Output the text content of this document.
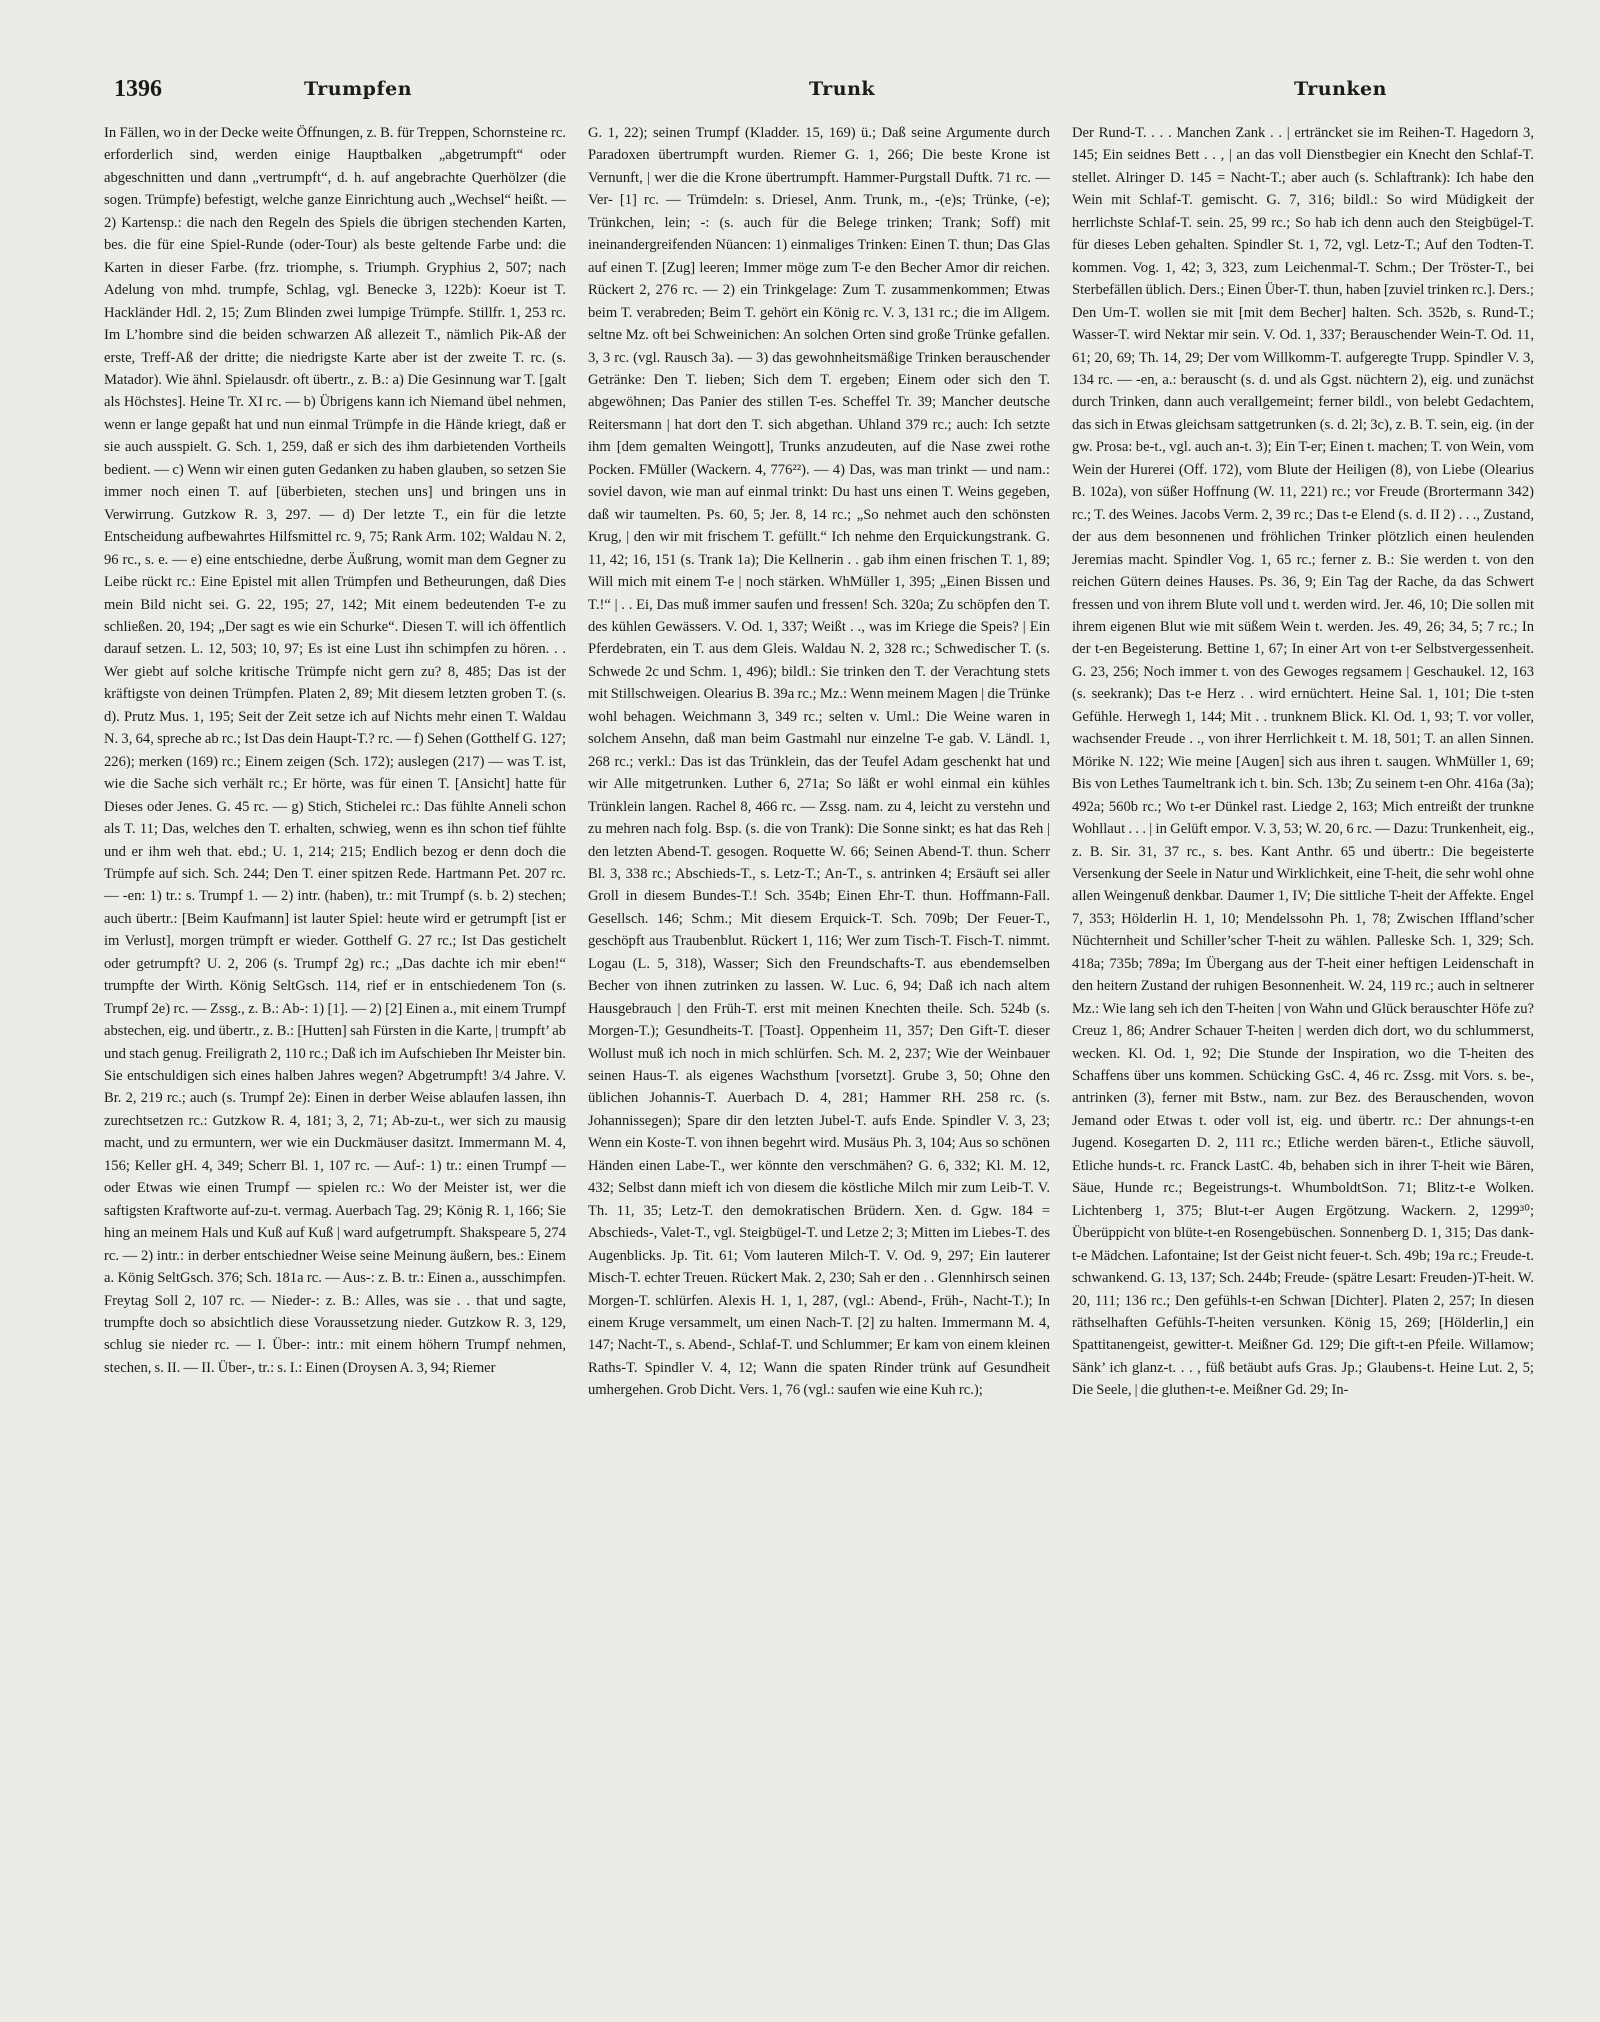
1396	Trumpfen	Trunk	Trunken

In Fällen, wo in der Decke weite Öffnungen, z. B. für Treppen, Schornsteine rc. erforderlich sind, werden einige Hauptbalken „abgetrumpft“ oder abgeschnitten und dann „vertrumpft“, d. h. auf angebrachte Querhölzer (die sogen. Trümpfe) befestigt, welche ganze Einrichtung auch „Wechsel“ heißt. — 2) Kartensp.: die nach den Regeln des Spiels die übrigen stechenden Karten, bes. die für eine Spiel-Runde (oder-Tour) als beste geltende Farbe und: die Karten in dieser Farbe. (frz. triomphe, s. Triumph. Gryphius 2, 507; nach Adelung von mhd. trumpfe, Schlag, vgl. Benecke 3, 122b): Koeur ist T. Hackländer Hdl. 2, 15; Zum Blinden zwei lumpige Trümpfe. Stillfr. 1, 253 rc. Im L’hombre sind die beiden schwarzen Aß allezeit T., nämlich Pik-Aß der erste, Treff-Aß der dritte; die niedrigste Karte aber ist der zweite T. rc. (s. Matador). Wie ähnl. Spielausdr. oft übertr., z. B.: a) Die Gesinnung war T. [galt als Höchstes]. Heine Tr. XI rc. — b) Übrigens kann ich Niemand übel nehmen, wenn er lange gepaßt hat und nun einmal Trümpfe in die Hände kriegt, daß er sie auch ausspielt. G. Sch. 1, 259, daß er sich des ihm darbietenden Vortheils bedient. — c) Wenn wir einen guten Gedanken zu haben glauben, so setzen Sie immer noch einen T. auf [überbieten, stechen uns] und bringen uns in Verwirrung. Gutzkow R. 3, 297. — d) Der letzte T., ein für die letzte Entscheidung aufbewahrtes Hilfsmittel rc. 9, 75; Rank Arm. 102; Waldau N. 2, 96 rc., s. e. — e) eine entschiedne, derbe Äußrung, womit man dem Gegner zu Leibe rückt rc.: Eine Epistel mit allen Trümpfen und Betheurungen, daß Dies mein Bild nicht sei. G. 22, 195; 27, 142; Mit einem bedeutenden T-e zu schließen. 20, 194; „Der sagt es wie ein Schurke“. Diesen T. will ich öffentlich darauf setzen. L. 12, 503; 10, 97; Es ist eine Lust ihn schimpfen zu hören. . . Wer giebt auf solche kritische Trümpfe nicht gern zu? 8, 485; Das ist der kräftigste von deinen Trümpfen. Platen 2, 89; Mit diesem letzten groben T. (s. d). Prutz Mus. 1, 195; Seit der Zeit setze ich auf Nichts mehr einen T. Waldau N. 3, 64, spreche ab rc.; Ist Das dein Haupt-T.? rc. — f) Sehen (Gotthelf G. 127; 226); merken (169) rc.; Einem zeigen (Sch. 172); auslegen (217) — was T. ist, wie die Sache sich verhält rc.; Er hörte, was für einen T. [Ansicht] hatte für Dieses oder Jenes. G. 45 rc. — g) Stich, Stichelei rc.: Das fühlte Anneli schon als T. 11; Das, welches den T. erhalten, schwieg, wenn es ihn schon tief fühlte und er ihm weh that. ebd.; U. 1, 214; 215; Endlich bezog er denn doch die Trümpfe auf sich. Sch. 244; Den T. einer spitzen Rede. Hartmann Pet. 207 rc. — -en: 1) tr.: s. Trumpf 1. — 2) intr. (haben), tr.: mit Trumpf (s. b. 2) stechen; auch übertr.: [Beim Kaufmann] ist lauter Spiel: heute wird er getrumpft [ist er im Verlust], morgen trümpft er wieder. Gotthelf G. 27 rc.; Ist Das gestichelt oder getrumpft? U. 2, 206 (s. Trumpf 2g) rc.; „Das dachte ich mir eben!“ trumpfte der Wirth. König SeltGsch. 114, rief er in entschiedenem Ton (s. Trumpf 2e) rc. — Zssg., z. B.: Ab-: 1) [1]. — 2) [2] Einen a., mit einem Trumpf abstechen, eig. und übertr., z. B.: [Hutten] sah Fürsten in die Karte, | trumpft’ ab und stach genug. Freiligrath 2, 110 rc.; Daß ich im Aufschieben Ihr Meister bin. Sie entschuldigen sich eines halben Jahres wegen? Abgetrumpft! 3/4 Jahre. V. Br. 2, 219 rc.; auch (s. Trumpf 2e): Einen in derber Weise ablaufen lassen, ihn zurechtsetzen rc.: Gutzkow R. 4, 181; 3, 2, 71; Ab-zu-t., wer sich zu mausig macht, und zu ermuntern, wer wie ein Duckmäuser dasitzt. Immermann M. 4, 156; Keller gH. 4, 349; Scherr Bl. 1, 107 rc. — Auf-: 1) tr.: einen Trumpf — oder Etwas wie einen Trumpf — spielen rc.: Wo der Meister ist, wer die saftigsten Kraftworte auf-zu-t. vermag. Auerbach Tag. 29; König R. 1, 166; Sie hing an meinem Hals und Kuß auf Kuß | ward aufgetrumpft. Shakspeare 5, 274 rc. — 2) intr.: in derber entschiedner Weise seine Meinung äußern, bes.: Einem a. König SeltGsch. 376; Sch. 181a rc. — Aus-: z. B. tr.: Einen a., ausschimpfen. Freytag Soll 2, 107 rc. — Nieder-: z. B.: Alles, was sie . . that und sagte, trumpfte doch so absichtlich diese Voraussetzung nieder. Gutzkow R. 3, 129, schlug sie nieder rc. — I. Über-: intr.: mit einem höhern Trumpf nehmen, stechen, s. II. — II. Über-, tr.: s. I.: Einen (Droysen A. 3, 94; Riemer

G. 1, 22); seinen Trumpf (Kladder. 15, 169) ü.; Daß seine Argumente durch Paradoxen übertrumpft wurden. Riemer G. 1, 266; Die beste Krone ist Vernunft, | wer die die Krone übertrumpft. Hammer-Purgstall Duftk. 71 rc. — Ver- [1] rc. — Trümdeln: s. Driesel, Anm. Trunk, m., -(e)s; Trünke, (-e); Trünkchen, lein; -: (s. auch für die Belege trinken; Trank; Soff) mit ineinandergreifenden Nüancen: 1) einmaliges Trinken: Einen T. thun; Das Glas auf einen T. [Zug] leeren; Immer möge zum T-e den Becher Amor dir reichen. Rückert 2, 276 rc. — 2) ein Trinkgelage: Zum T. zusammenkommen; Etwas beim T. verabreden; Beim T. gehört ein König rc. V. 3, 131 rc.; die im Allgem. seltne Mz. oft bei Schweinichen: An solchen Orten sind große Trünke gefallen. 3, 3 rc. (vgl. Rausch 3a). — 3) das gewohnheitsmäßige Trinken berauschender Getränke: Den T. lieben; Sich dem T. ergeben; Einem oder sich den T. abgewöhnen; Das Panier des stillen T-es. Scheffel Tr. 39; Mancher deutsche Reitersmann | hat dort den T. sich abgethan. Uhland 379 rc.; auch: Ich setzte ihm [dem gemalten Weingott], Trunks anzudeuten, auf die Nase zwei rothe Pocken. FMüller (Wackern. 4, 776²²). — 4) Das, was man trinkt — und nam.: soviel davon, wie man auf einmal trinkt: Du hast uns einen T. Weins gegeben, daß wir taumelten. Ps. 60, 5; Jer. 8, 14 rc.; „So nehmet auch den schönsten Krug, | den wir mit frischem T. gefüllt.“ Ich nehme den Erquickungstrank. G. 11, 42; 16, 151 (s. Trank 1a); Die Kellnerin . . gab ihm einen frischen T. 1, 89; Will mich mit einem T-e | noch stärken. WhMüller 1, 395; „Einen Bissen und T.!“ | . . Ei, Das muß immer saufen und fressen! Sch. 320a; Zu schöpfen den T. des kühlen Gewässers. V. Od. 1, 337; Weißt . ., was im Kriege die Speis? | Ein Pferdebraten, ein T. aus dem Gleis. Waldau N. 2, 328 rc.; Schwedischer T. (s. Schwede 2c und Schm. 1, 496); bildl.: Sie trinken den T. der Verachtung stets mit Stillschweigen. Olearius B. 39a rc.; Mz.: Wenn meinem Magen | die Trünke wohl behagen. Weichmann 3, 349 rc.; selten v. Uml.: Die Weine waren in solchem Ansehn, daß man beim Gastmahl nur einzelne T-e gab. V. Ländl. 1, 268 rc.; verkl.: Das ist das Trünklein, das der Teufel Adam geschenkt hat und wir Alle mitgetrunken. Luther 6, 271a; So läßt er wohl einmal ein kühles Trünklein langen. Rachel 8, 466 rc. — Zssg. nam. zu 4, leicht zu verstehn und zu mehren nach folg. Bsp. (s. die von Trank): Die Sonne sinkt; es hat das Reh | den letzten Abend-T. gesogen. Roquette W. 66; Seinen Abend-T. thun. Scherr Bl. 3, 338 rc.; Abschieds-T., s. Letz-T.; An-T., s. antrinken 4; Ersäuft sei aller Groll in diesem Bundes-T.! Sch. 354b; Einen Ehr-T. thun. Hoffmann-Fall. Gesellsch. 146; Schm.; Mit diesem Erquick-T. Sch. 709b; Der Feuer-T., geschöpft aus Traubenblut. Rückert 1, 116; Wer zum Tisch-T. Fisch-T. nimmt. Logau (L. 5, 318), Wasser; Sich den Freundschafts-T. aus ebendemselben Becher von ihnen zutrinken zu lassen. W. Luc. 6, 94; Daß ich nach altem Hausgebrauch | den Früh-T. erst mit meinen Knechten theile. Sch. 524b (s. Morgen-T.); Gesundheits-T. [Toast]. Oppenheim 11, 357; Den Gift-T. dieser Wollust muß ich noch in mich schlürfen. Sch. M. 2, 237; Wie der Weinbauer seinen Haus-T. als eigenes Wachsthum [vorsetzt]. Grube 3, 50; Ohne den üblichen Johannis-T. Auerbach D. 4, 281; Hammer RH. 258 rc. (s. Johannissegen); Spare dir den letzten Jubel-T. aufs Ende. Spindler V. 3, 23; Wenn ein Koste-T. von ihnen begehrt wird. Musäus Ph. 3, 104; Aus so schönen Händen einen Labe-T., wer könnte den verschmähen? G. 6, 332; Kl. M. 12, 432; Selbst dann mieft ich von diesem die köstliche Milch mir zum Leib-T. V. Th. 11, 35; Letz-T. den demokratischen Brüdern. Xen. d. Ggw. 184 = Abschieds-, Valet-T., vgl. Steigbügel-T. und Letze 2; 3; Mitten im Liebes-T. des Augenblicks. Jp. Tit. 61; Vom lauteren Milch-T. V. Od. 9, 297; Ein lauterer Misch-T. echter Treuen. Rückert Mak. 2, 230; Sah er den . . Glennhirsch seinen Morgen-T. schlürfen. Alexis H. 1, 1, 287, (vgl.: Abend-, Früh-, Nacht-T.); In einem Kruge versammelt, um einen Nach-T. [2] zu halten. Immermann M. 4, 147; Nacht-T., s. Abend-, Schlaf-T. und Schlummer; Er kam von einem kleinen Raths-T. Spindler V. 4, 12; Wann die spaten Rinder trünk auf Gesundheit umhergehen. Grob Dicht. Vers. 1, 76 (vgl.: saufen wie eine Kuh rc.);

Der Rund-T. . . . Manchen Zank . . | erträncket sie im Reihen-T. Hagedorn 3, 145; Ein seidnes Bett . . , | an das voll Dienstbegier ein Knecht den Schlaf-T. stellet. Alringer D. 145 = Nacht-T.; aber auch (s. Schlaftrank): Ich habe den Wein mit Schlaf-T. gemischt. G. 7, 316; bildl.: So wird Müdigkeit der herrlichste Schlaf-T. sein. 25, 99 rc.; So hab ich denn auch den Steigbügel-T. für dieses Leben gehalten. Spindler St. 1, 72, vgl. Letz-T.; Auf den Todten-T. kommen. Vog. 1, 42; 3, 323, zum Leichenmal-T. Schm.; Der Tröster-T., bei Sterbefällen üblich. Ders.; Einen Über-T. thun, haben [zuviel trinken rc.]. Ders.; Den Um-T. wollen sie mit [mit dem Becher] halten. Sch. 352b, s. Rund-T.; Wasser-T. wird Nektar mir sein. V. Od. 1, 337; Berauschender Wein-T. Od. 11, 61; 20, 69; Th. 14, 29; Der vom Willkomm-T. aufgeregte Trupp. Spindler V. 3, 134 rc. — -en, a.: berauscht (s. d. und als Ggst. nüchtern 2), eig. und zunächst durch Trinken, dann auch verallgemeint; ferner bildl., von belebt Gedachtem, das sich in Etwas gleichsam sattgetrunken (s. d. 2l; 3c), z. B. T. sein, eig. (in der gw. Prosa: be-t., vgl. auch an-t. 3); Ein T-er; Einen t. machen; T. von Wein, vom Wein der Hurerei (Off. 172), vom Blute der Heiligen (8), von Liebe (Olearius B. 102a), von süßer Hoffnung (W. 11, 221) rc.; vor Freude (Brortermann 342) rc.; T. des Weines. Jacobs Verm. 2, 39 rc.; Das t-e Elend (s. d. II 2) . . ., Zustand, der aus dem besonnenen und fröhlichen Trinker plötzlich einen heulenden Jeremias macht. Spindler Vog. 1, 65 rc.; ferner z. B.: Sie werden t. von den reichen Gütern deines Hauses. Ps. 36, 9; Ein Tag der Rache, da das Schwert fressen und von ihrem Blute voll und t. werden wird. Jer. 46, 10; Die sollen mit ihrem eigenen Blut wie mit süßem Wein t. werden. Jes. 49, 26; 34, 5; 7 rc.; In der t-en Begeisterung. Bettine 1, 67; In einer Art von t-er Selbstvergessenheit. G. 23, 256; Noch immer t. von des Gewoges regsamem | Geschaukel. 12, 163 (s. seekrank); Das t-e Herz . . wird ernüchtert. Heine Sal. 1, 101; Die t-sten Gefühle. Herwegh 1, 144; Mit . . trunknem Blick. Kl. Od. 1, 93; T. vor voller, wachsender Freude . ., von ihrer Herrlichkeit t. M. 18, 501; T. an allen Sinnen. Mörike N. 122; Wie meine [Augen] sich aus ihren t. saugen. WhMüller 1, 69; Bis von Lethes Taumeltrank ich t. bin. Sch. 13b; Zu seinem t-en Ohr. 416a (3a); 492a; 560b rc.; Wo t-er Dünkel rast. Liedge 2, 163; Mich entreißt der trunkne Wohllaut . . . | in Gelüft empor. V. 3, 53; W. 20, 6 rc. — Dazu: Trunkenheit, eig., z. B. Sir. 31, 37 rc., s. bes. Kant Anthr. 65 und übertr.: Die begeisterte Versenkung der Seele in Natur und Wirklichkeit, eine T-heit, die sehr wohl ohne allen Weingenuß denkbar. Daumer 1, IV; Die sittliche T-heit der Affekte. Engel 7, 353; Hölderlin H. 1, 10; Mendelssohn Ph. 1, 78; Zwischen Iffland’scher Nüchternheit und Schiller’scher T-heit zu wählen. Palleske Sch. 1, 329; Sch. 418a; 735b; 789a; Im Übergang aus der T-heit einer heftigen Leidenschaft in den heitern Zustand der ruhigen Besonnenheit. W. 24, 119 rc.; auch in seltnerer Mz.: Wie lang seh ich den T-heiten | von Wahn und Glück berauschter Höfe zu? Creuz 1, 86; Andrer Schauer T-heiten | werden dich dort, wo du schlummerst, wecken. Kl. Od. 1, 92; Die Stunde der Inspiration, wo die T-heiten des Schaffens über uns kommen. Schücking GsC. 4, 46 rc. Zssg. mit Vors. s. be-, antrinken (3), ferner mit Bstw., nam. zur Bez. des Berauschenden, wovon Jemand oder Etwas t. oder voll ist, eig. und übertr. rc.: Der ahnungs-t-en Jugend. Kosegarten D. 2, 111 rc.; Etliche werden bären-t., Etliche säuvoll, Etliche hunds-t. rc. Franck LastC. 4b, behaben sich in ihrer T-heit wie Bären, Säue, Hunde rc.; Begeistrungs-t. WhumboldtSon. 71; Blitz-t-e Wolken. Lichtenberg 1, 375; Blut-t-er Augen Ergötzung. Wackern. 2, 1299³⁰; Überüppicht von blüte-t-en Rosengebüschen. Sonnenberg D. 1, 315; Das dank-t-e Mädchen. Lafontaine; Ist der Geist nicht feuer-t. Sch. 49b; 19a rc.; Freude-t. schwankend. G. 13, 137; Sch. 244b; Freude- (spätre Lesart: Freuden-)T-heit. W. 20, 111; 136 rc.; Den gefühls-t-en Schwan [Dichter]. Platen 2, 257; In diesen räthselhaften Gefühls-T-heiten versunken. König 15, 269; [Hölderlin,] ein Spattitanengeist, gewitter-t. Meißner Gd. 129; Die gift-t-en Pfeile. Willamow; Sänk’ ich glanz-t. . . , füß betäubt aufs Gras. Jp.; Glaubens-t. Heine Lut. 2, 5; Die Seele, | die gluthen-t-e. Meißner Gd. 29; In-
